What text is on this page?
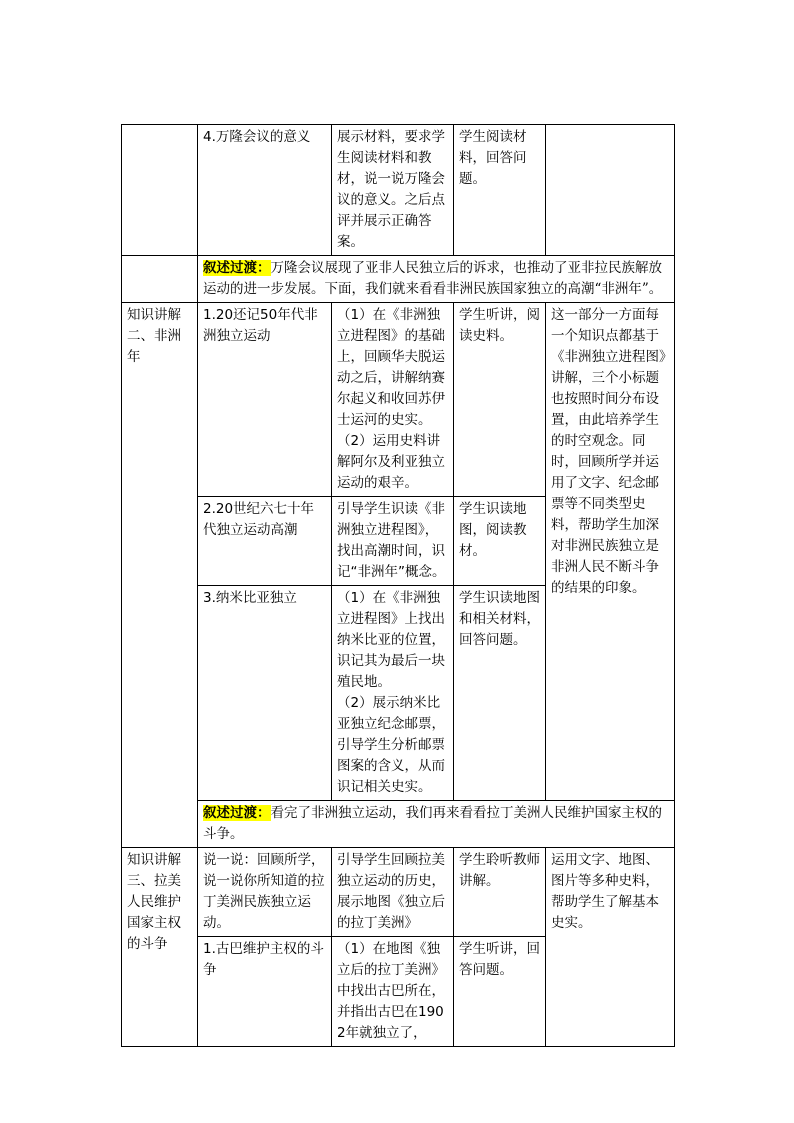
	4.万隆会议的意义	展示材料，要求学生阅读材料和教材，说一说万隆会议的意义。之后点评并展示正确答案。	学生阅读材料，回答问题。	
	叙述过渡：万隆会议展现了亚非人民独立后的诉求，也推动了亚非拉民族解放运动的进一步发展。下面，我们就来看看非洲民族国家独立的高潮“非洲年”。			
知识讲解二、非洲年	1.20还记50年代非洲独立运动	（1）在《非洲独立进程图》的基础上，回顾华夫脱运动之后，讲解纳赛尔起义和收回苏伊士运河的史实。
（2）运用史料讲解阿尔及利亚独立运动的艰辛。	学生听讲，阅读史料。	这一部分一方面每一个知识点都基于《非洲独立进程图》讲解，三个小标题也按照时间分布设置，由此培养学生的时空观念。同时，回顾所学并运用了文字、纪念邮票等不同类型史料，帮助学生加深对非洲民族独立是非洲人民不断斗争的结果的印象。
	2.20世纪六七十年代独立运动高潮	引导学生识读《非洲独立进程图》，找出高潮时间，识记“非洲年”概念。	学生识读地图，阅读教材。	
	3.纳米比亚独立	（1）在《非洲独立进程图》上找出纳米比亚的位置，识记其为最后一块殖民地。
（2）展示纳米比亚独立纪念邮票，引导学生分析邮票图案的含义，从而识记相关史实。	学生识读地图和相关材料，回答问题。	
	叙述过渡：看完了非洲独立运动，我们再来看看拉丁美洲人民维护国家主权的斗争。			
知识讲解三、拉美人民维护国家主权的斗争	说一说：回顾所学，说一说你所知道的拉丁美洲民族独立运动。	引导学生回顾拉美独立运动的历史，展示地图《独立后的拉丁美洲》	学生聆听教师讲解。	运用文字、地图、图片等多种史料，帮助学生了解基本史实。
	1.古巴维护主权的斗争	（1）在地图《独立后的拉丁美洲》中找出古巴所在，并指出古巴在1902年就独立了，	学生听讲，回答问题。	
